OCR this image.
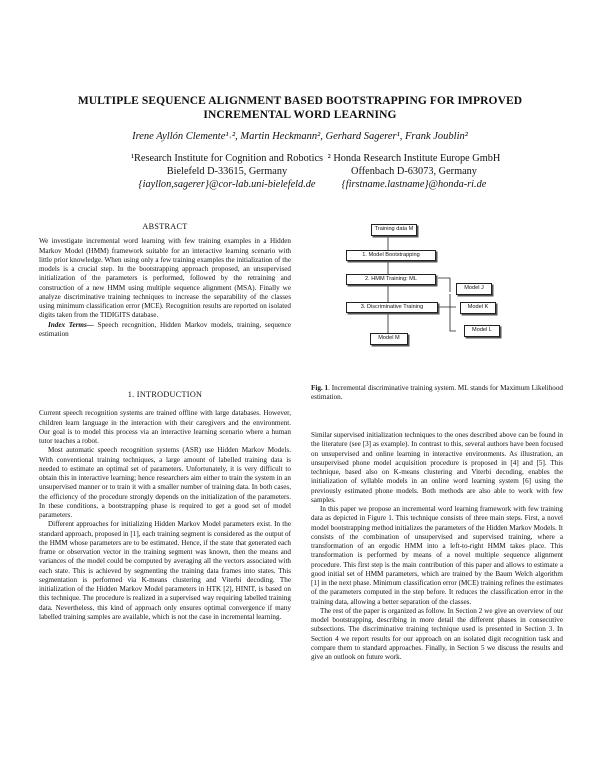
MULTIPLE SEQUENCE ALIGNMENT BASED BOOTSTRAPPING FOR IMPROVED
INCREMENTAL WORD LEARNING
Irene Ayllón Clemente¹˒², Martin Heckmann², Gerhard Sagerer¹, Frank Joublin²
¹Research Institute for Cognition and Robotics
Bielefeld D-33615, Germany
{iayllon,sagerer}@cor-lab.uni-bielefeld.de
² Honda Research Institute Europe GmbH
Offenbach D-63073, Germany
{firstname.lastname}@honda-ri.de
ABSTRACT

We investigate incremental word learning with few training examples in a Hidden Markov Model (HMM) framework suitable for an interactive learning scenario with little prior knowledge. When using only a few training examples the initialization of the models is a crucial step. In the bootstrapping approach proposed, an unsupervised initialization of the parameters is performed, followed by the retraining and construction of a new HMM using multiple sequence alignment (MSA). Finally we analyze discriminative training techniques to increase the separability of the classes using minimum classification error (MCE). Recognition results are reported on isolated digits taken from the TIDIGITS database.

Index Terms— Speech recognition, Hidden Markov models, training, sequence estimation

1. INTRODUCTION

Current speech recognition systems are trained offline with large databases. However, children learn language in the interaction with their caregivers and the environment. Our goal is to model this process via an interactive learning scenario where a human tutor teaches a robot.

Most automatic speech recognition systems (ASR) use Hidden Markov Models. With conventional training techniques, a large amount of labelled training data is needed to estimate an optimal set of parameters. Unfortunately, it is very difficult to obtain this in interactive learning; hence researchers aim either to train the system in an unsupervised manner or to train it with a smaller number of training data. In both cases, the efficiency of the procedure strongly depends on the initialization of the parameters. In these conditions, a bootstrapping phase is required to get a good set of model parameters.

Different approaches for initializing Hidden Markov Model parameters exist. In the standard approach, proposed in [1], each training segment is considered as the output of the HMM whose parameters are to be estimated. Hence, if the state that generated each frame or observation vector in the training segment was known, then the means and variances of the model could be computed by averaging all the vectors associated with each state. This is achieved by segmenting the training data frames into states. This segmentation is performed via K-means clustering and Viterbi decoding. The initialization of the Hidden Markov Model parameters in HTK [2], HINIT, is based on this technique. The procedure is realized in a supervised way requiring labelled training data. Nevertheless, this kind of approach only ensures optimal convergence if many labelled training samples are available, which is not the case in incremental learning.

Training data M
1. Model Bootstrapping
2. HMM Training: ML
3. Discriminative Training
Model M
Model J
Model K
Model L
Fig. 1. Incremental discriminative training system. ML stands for Maximum Likelihood estimation.

Similar supervised initialization techniques to the ones described above can be found in the literature (see [3] as example). In contrast to this, several authors have been focused on unsupervised and online learning in interactive environments. As illustration, an unsupervised phone model acquisition procedure is proposed in [4] and [5]. This technique, based also on K-means clustering and Viterbi decoding, enables the initialization of syllable models in an online word learning system [6] using the previously estimated phone models. Both methods are also able to work with few samples.

In this paper we propose an incremental word learning framework with few training data as depicted in Figure 1. This technique consists of three main steps. First, a novel model bootstrapping method initializes the parameters of the Hidden Markov Models. It consists of the combination of unsupervised and supervised training, where a transformation of an ergodic HMM into a left-to-right HMM takes place. This transformation is performed by means of a novel multiple sequence alignment procedure. This first step is the main contribution of this paper and allows to estimate a good initial set of HMM parameters, which are trained by the Baum Welch algorithm [1] in the next phase. Minimum classification error (MCE) training refines the estimates of the parameters computed in the step before. It reduces the classification error in the training data, allowing a better separation of the classes.

The rest of the paper is organized as follow. In Section 2 we give an overview of our model bootstrapping, describing in more detail the different phases in consecutive subsections. The discriminative training technique used is presented in Section 3. In Section 4 we report results for our approach on an isolated digit recognition task and compare them to standard approaches. Finally, in Section 5 we discuss the results and give an outlook on future work.
